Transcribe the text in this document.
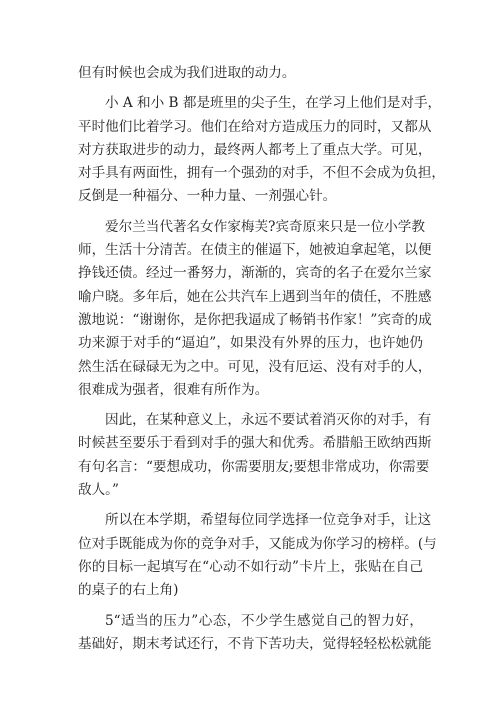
但有时候也会成为我们进取的动力。
小 A 和小 B 都是班里的尖子生，在学习上他们是对手，
平时他们比着学习。他们在给对方造成压力的同时，又都从
对方获取进步的动力，最终两人都考上了重点大学。可见，
对手具有两面性，拥有一个强劲的对手，不但不会成为负担，
反倒是一种福分、一种力量、一剂强心针。
爱尔兰当代著名女作家梅芙?宾奇原来只是一位小学教
师，生活十分清苦。在债主的催逼下，她被迫拿起笔，以便
挣钱还债。经过一番努力，渐渐的，宾奇的名子在爱尔兰家
喻户晓。多年后，她在公共汽车上遇到当年的债任，不胜感
激地说：“谢谢你，是你把我逼成了畅销书作家！”宾奇的成
功来源于对手的“逼迫”，如果没有外界的压力，也许她仍
然生活在碌碌无为之中。可见，没有厄运、没有对手的人，
很难成为强者，很难有所作为。
因此，在某种意义上，永远不要试着消灭你的对手，有
时候甚至要乐于看到对手的强大和优秀。希腊船王欧纳西斯
有句名言：“要想成功，你需要朋友;要想非常成功，你需要
敌人。”
所以在本学期，希望每位同学选择一位竞争对手，让这
位对手既能成为你的竞争对手，又能成为你学习的榜样。(与
你的目标一起填写在“心动不如行动”卡片上，张贴在自己
的桌子的右上角)
5“适当的压力”心态，不少学生感觉自己的智力好，
基础好，期末考试还行，不肯下苦功夫，觉得轻轻松松就能
